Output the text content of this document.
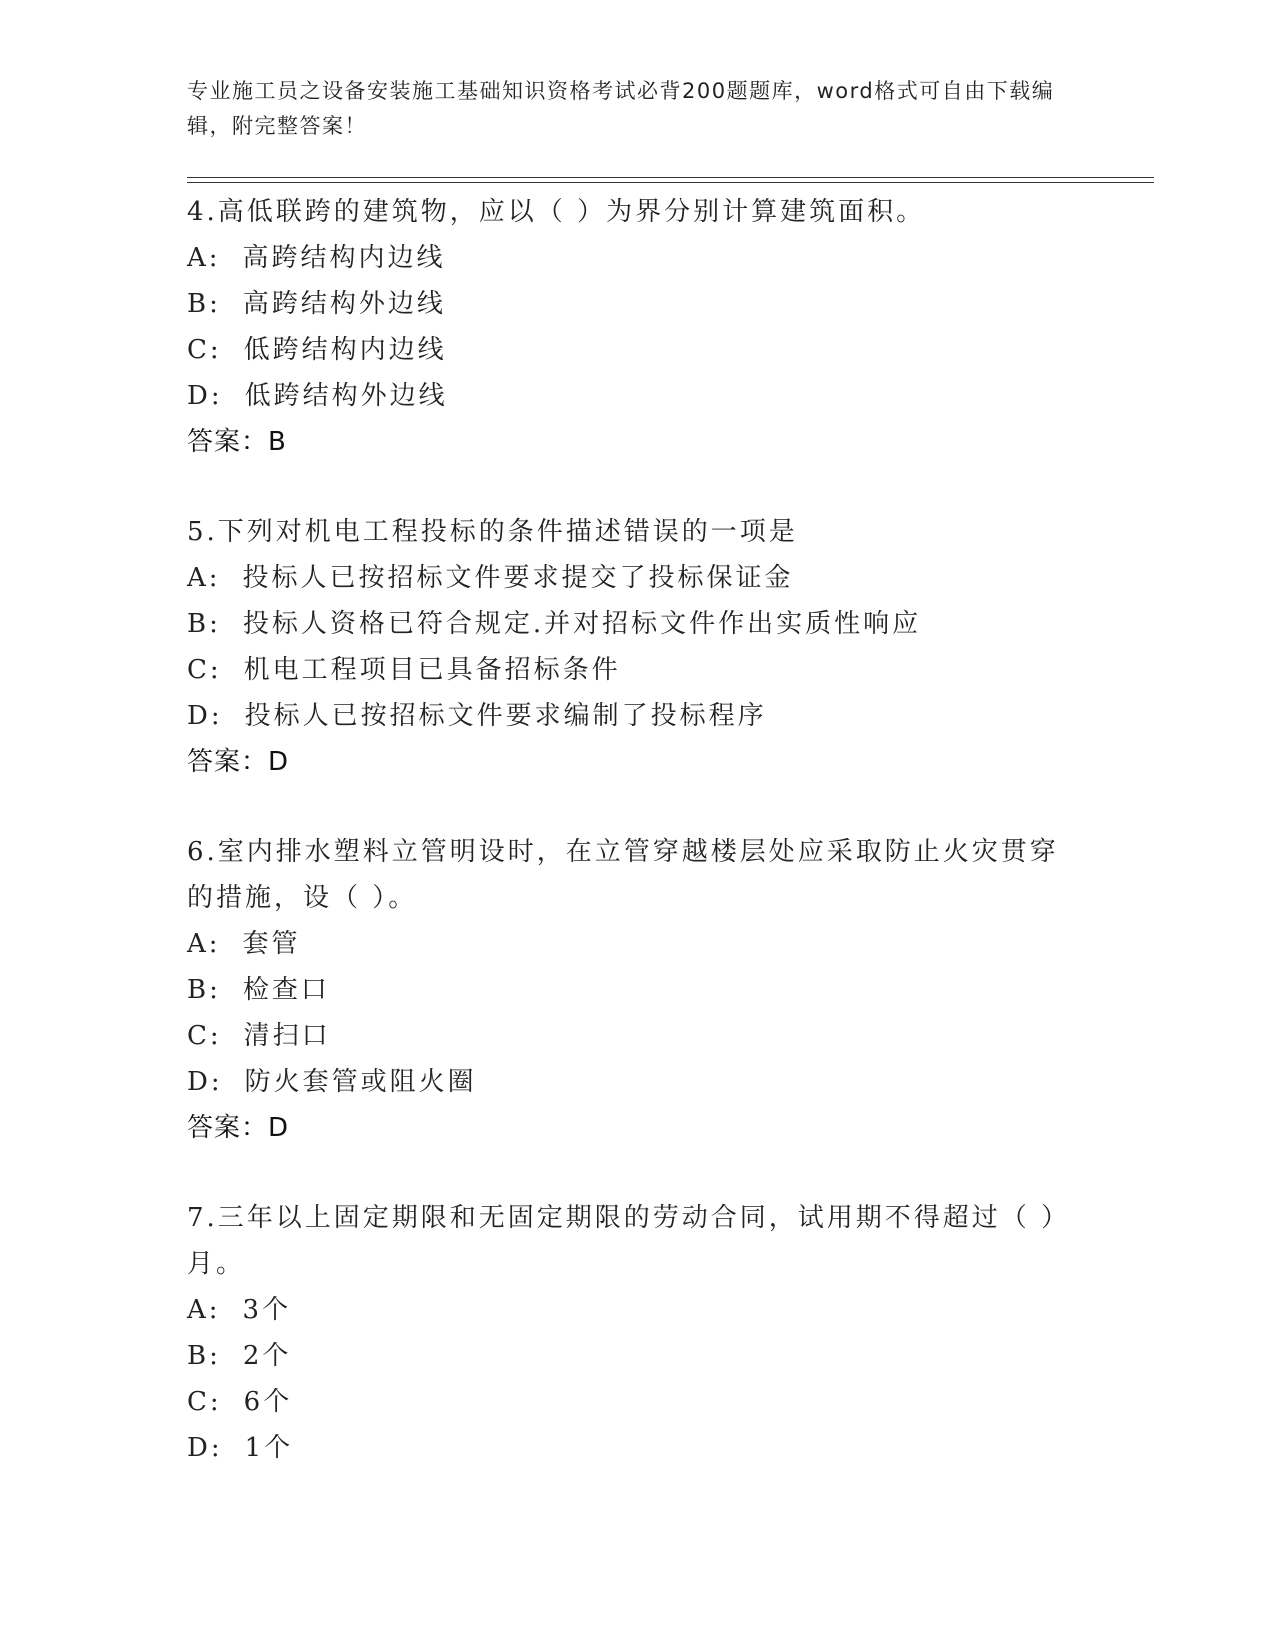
专业施工员之设备安装施工基础知识资格考试必背200题题库，word格式可自由下载编辑，附完整答案！
4.高低联跨的建筑物，应以（ ）为界分别计算建筑面积。
A: 高跨结构内边线
B: 高跨结构外边线
C: 低跨结构内边线
D: 低跨结构外边线
答案：B
5.下列对机电工程投标的条件描述错误的一项是
A: 投标人已按招标文件要求提交了投标保证金
B: 投标人资格已符合规定.并对招标文件作出实质性响应
C: 机电工程项目已具备招标条件
D: 投标人已按招标文件要求编制了投标程序
答案：D
6.室内排水塑料立管明设时，在立管穿越楼层处应采取防止火灾贯穿的措施，设（ ）。
A: 套管
B: 检查口
C: 清扫口
D: 防火套管或阻火圈
答案：D
7.三年以上固定期限和无固定期限的劳动合同，试用期不得超过（ ）月。
A: 3个
B: 2个
C: 6个
D: 1个
